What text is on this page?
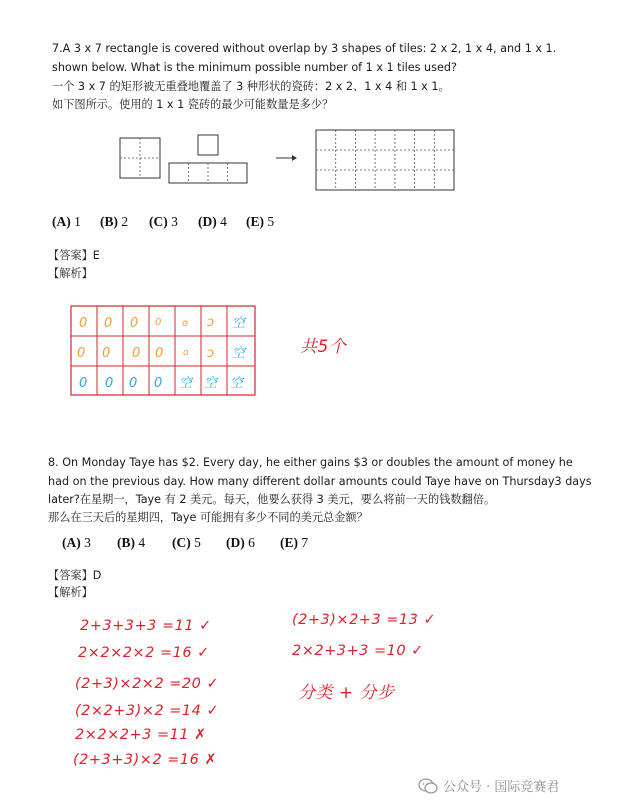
7.A 3 x 7 rectangle is covered without overlap by 3 shapes of tiles: 2 x 2, 1 x 4, and 1 x 1.
shown below. What is the minimum possible number of 1 x 1 tiles used?
一个 3 x 7 的矩形被无重叠地覆盖了 3 种形状的瓷砖：2 x 2、1 x 4 和 1 x 1。
如下图所示。使用的 1 x 1 瓷砖的最少可能数量是多少？
(A) 1 (B) 2 (C) 3 (D) 4 (E) 5
【答案】E
【解析】
0 0 0 0 o ɔ 空
0 0 0 0 o ɔ 空
0 0 0 0 空 空 空
共5个
8. On Monday Taye has $2. Every day, he either gains $3 or doubles the amount of money he
had on the previous day. How many different dollar amounts could Taye have on Thursday3 days
later?在星期一，Taye 有 2 美元。每天，他要么获得 3 美元，要么将前一天的钱数翻倍。
那么在三天后的星期四，Taye 可能拥有多少不同的美元总金额？
(A) 3 (B) 4 (C) 5 (D) 6 (E) 7
【答案】D
【解析】
2+3+3+3 =11 ✓
2×2×2×2 =16 ✓
(2+3)×2×2 =20 ✓
(2×2+3)×2 =14 ✓
2×2×2+3 =11 ✗
(2+3+3)×2 =16 ✗
(2+3)×2+3 =13 ✓
2×2+3+3 =10 ✓
分类 + 分步
公众号 · 国际竞赛君
